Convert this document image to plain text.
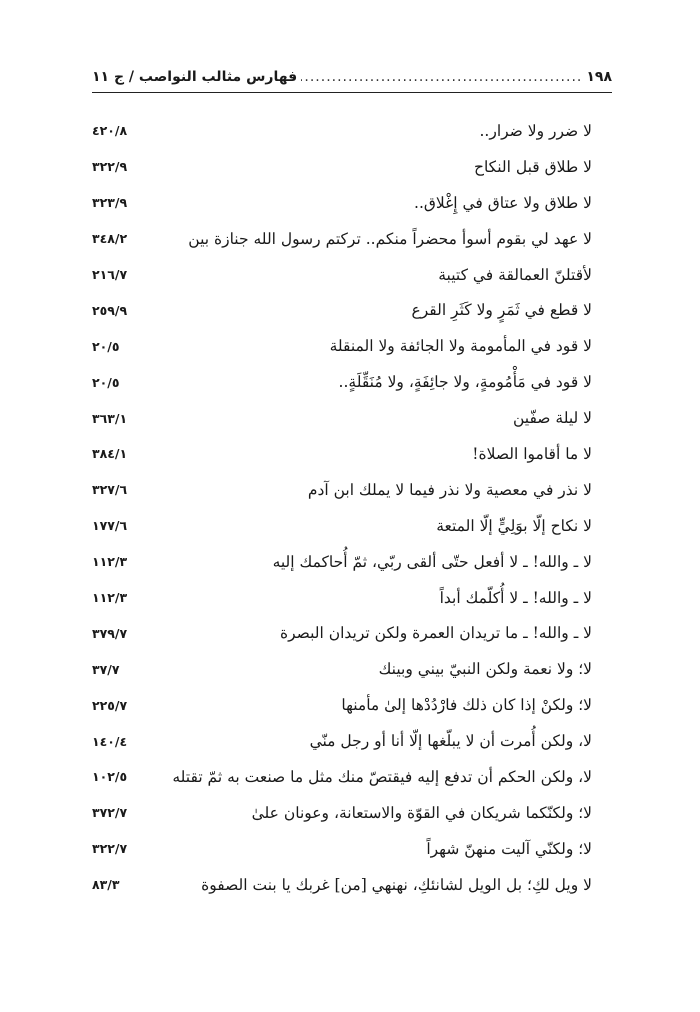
١٩٨
.....
فهارس مثالب النواصب / ج ١١
لا ضرر ولا ضرار..
٤٢٠/٨
لا طلاق قبل النكاح
٣٢٢/٩
لا طلاق ولا عتاق في إِغْلاق..
٣٢٣/٩
لا عهد لي بقوم أسوأ محضراً منكم.. تركتم رسول الله جنازة بين
٣٤٨/٢
لأقتلنّ العمالقة في كتيبة
٢١٦/٧
لا قطع في ثَمَرٍ ولا كَثَرِ القرع
٢٥٩/٩
لا قود في المأمومة ولا الجائفة ولا المنقلة
٢٠/٥
لا قود في مَأْمُومةٍ، ولا جائِفَةٍ، ولا مُنَقِّلَةٍ..
٢٠/٥
لا ليلة صفّين
٣٦٣/١
لا ما أقاموا الصلاة!
٣٨٤/١
لا نذر في معصية ولا نذر فيما لا يملك ابن آدم
٣٢٧/٦
لا نكاح إلّا بوَلِيٍّ إلّا المتعة
١٧٧/٦
لا ـ والله! ـ لا أفعل حتّى ألقى ربّي، ثمّ أُحاكمك إليه
١١٢/٣
لا ـ والله! ـ لا أُكلّمك أبداً
١١٢/٣
لا ـ والله! ـ ما تريدان العمرة ولكن تريدان البصرة
٣٧٩/٧
لا؛ ولا نعمة ولكن النبيّ بيني وبينك
٣٧/٧
لا؛ ولكنْ إذا كان ذلك فارْدُدْها إلىٰ مأمنها
٢٢٥/٧
لا، ولكن أُمرت أن لا يبلّغها إلّا أنا أو رجل منّي
١٤٠/٤
لا، ولكن الحكم أن تدفع إليه فيقتصّ منك مثل ما صنعت به ثمّ تقتله
١٠٢/٥
لا؛ ولكنّكما شريكان في القوّة والاستعانة، وعونان علىٰ
٣٧٢/٧
لا؛ ولكنّي آليت منهنّ شهراً
٣٢٢/٧
لا ويل لكِ؛ بل الويل لشانئكِ، نهنهي [من] غربك يا بنت الصفوة
٨٣/٣
